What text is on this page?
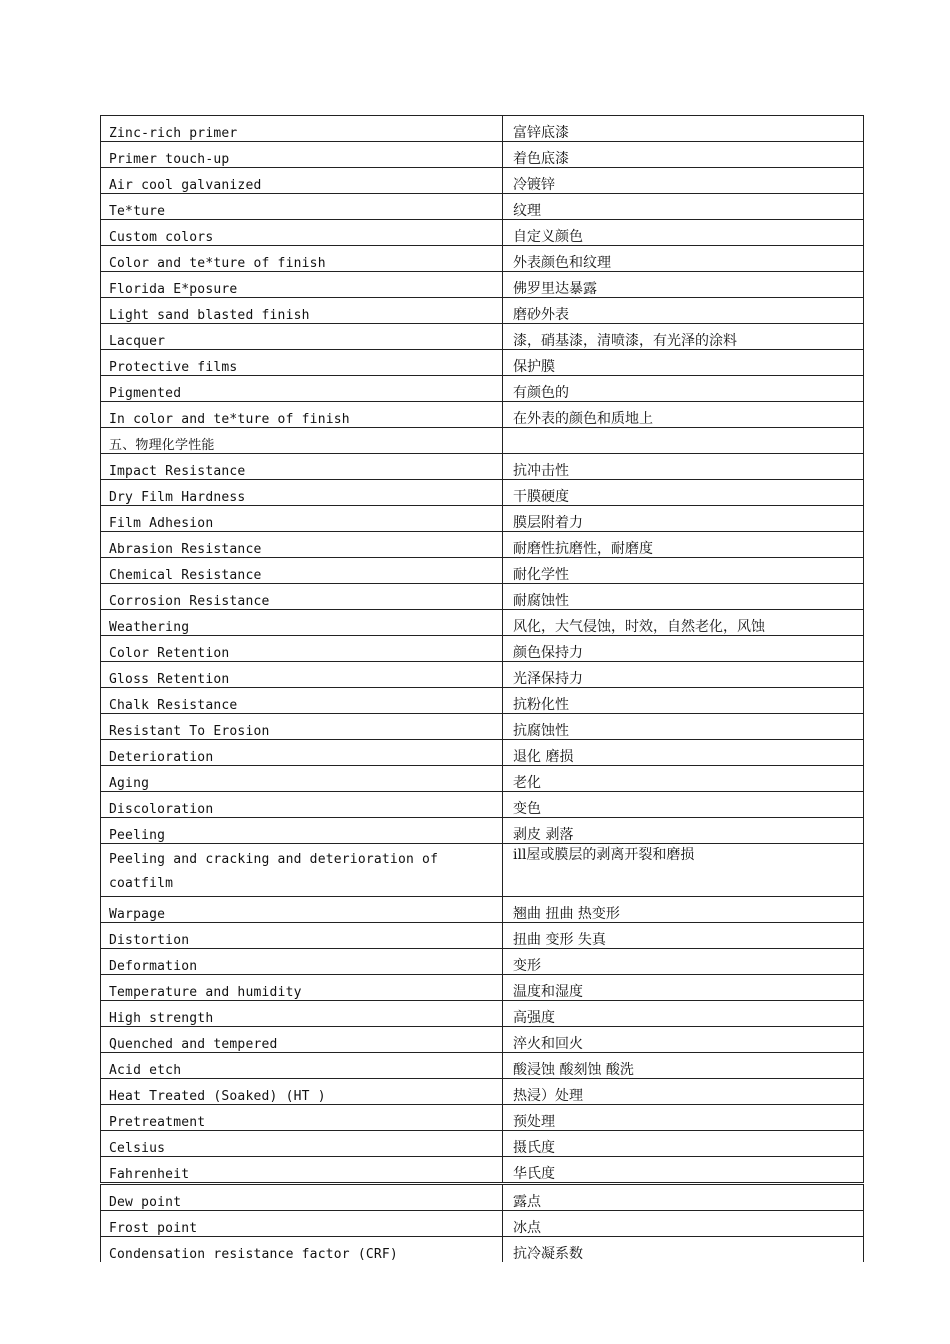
Zinc-rich primer	富锌底漆
Primer touch-up	着色底漆
Air cool galvanized	冷镀锌
Te*ture	纹理
Custom colors	自定义颜色
Color and te*ture of finish	外表颜色和纹理
Florida E*posure	佛罗里达暴露
Light sand blasted finish	磨砂外表
Lacquer	漆，硝基漆，清喷漆，有光泽的涂料
Protective films	保护膜
Pigmented	有颜色的
In color and te*ture of finish	在外表的颜色和质地上
五、物理化学性能	
Impact Resistance	抗冲击性
Dry Film Hardness	干膜硬度
Film Adhesion	膜层附着力
Abrasion Resistance	耐磨性抗磨性，耐磨度
Chemical Resistance	耐化学性
Corrosion Resistance	耐腐蚀性
Weathering	风化，大气侵蚀，时效，自然老化，风蚀
Color Retention	颜色保持力
Gloss Retention	光泽保持力
Chalk Resistance	抗粉化性
Resistant To Erosion	抗腐蚀性
Deterioration	退化 磨损
Aging	老化
Discoloration	变色
Peeling	剥皮 剥落
Peeling and cracking and deterioration of coatfilm	ill屋或膜层的剥离开裂和磨损
Warpage	翘曲 扭曲 热变形
Distortion	扭曲 变形 失真
Deformation	变形
Temperature and humidity	温度和湿度
High strength	高强度
Quenched and tempered	淬火和回火
Acid etch	酸浸蚀 酸刻蚀 酸洗
Heat Treated (Soaked) (HT )	热浸）处理
Pretreatment	预处理
Celsius	摄氏度
Fahrenheit	华氏度
Dew point	露点
Frost point	冰点
Condensation resistance factor (CRF)	抗冷凝系数
